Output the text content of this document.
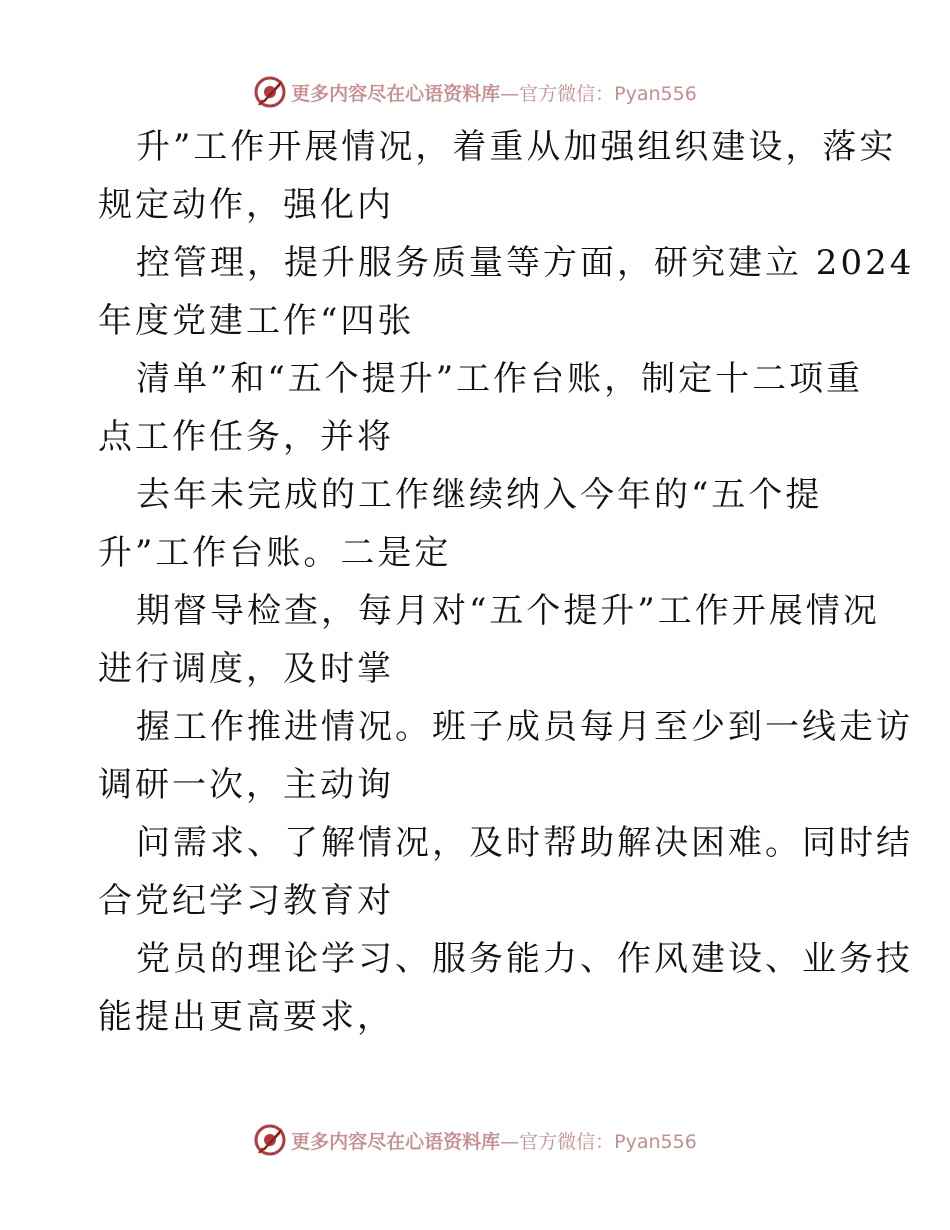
更多内容尽在心语资料库—官方微信：Pyan556

升”工作开展情况，着重从加强组织建设，落实
规定动作，强化内

控管理，提升服务质量等方面，研究建立 2024
年度党建工作“四张

清单”和“五个提升”工作台账，制定十二项重
点工作任务，并将

去年未完成的工作继续纳入今年的“五个提
升”工作台账。二是定

期督导检查，每月对“五个提升”工作开展情况
进行调度，及时掌

握工作推进情况。班子成员每月至少到一线走访
调研一次，主动询

问需求、了解情况，及时帮助解决困难。同时结
合党纪学习教育对

党员的理论学习、服务能力、作风建设、业务技
能提出更高要求，

更多内容尽在心语资料库—官方微信：Pyan556
